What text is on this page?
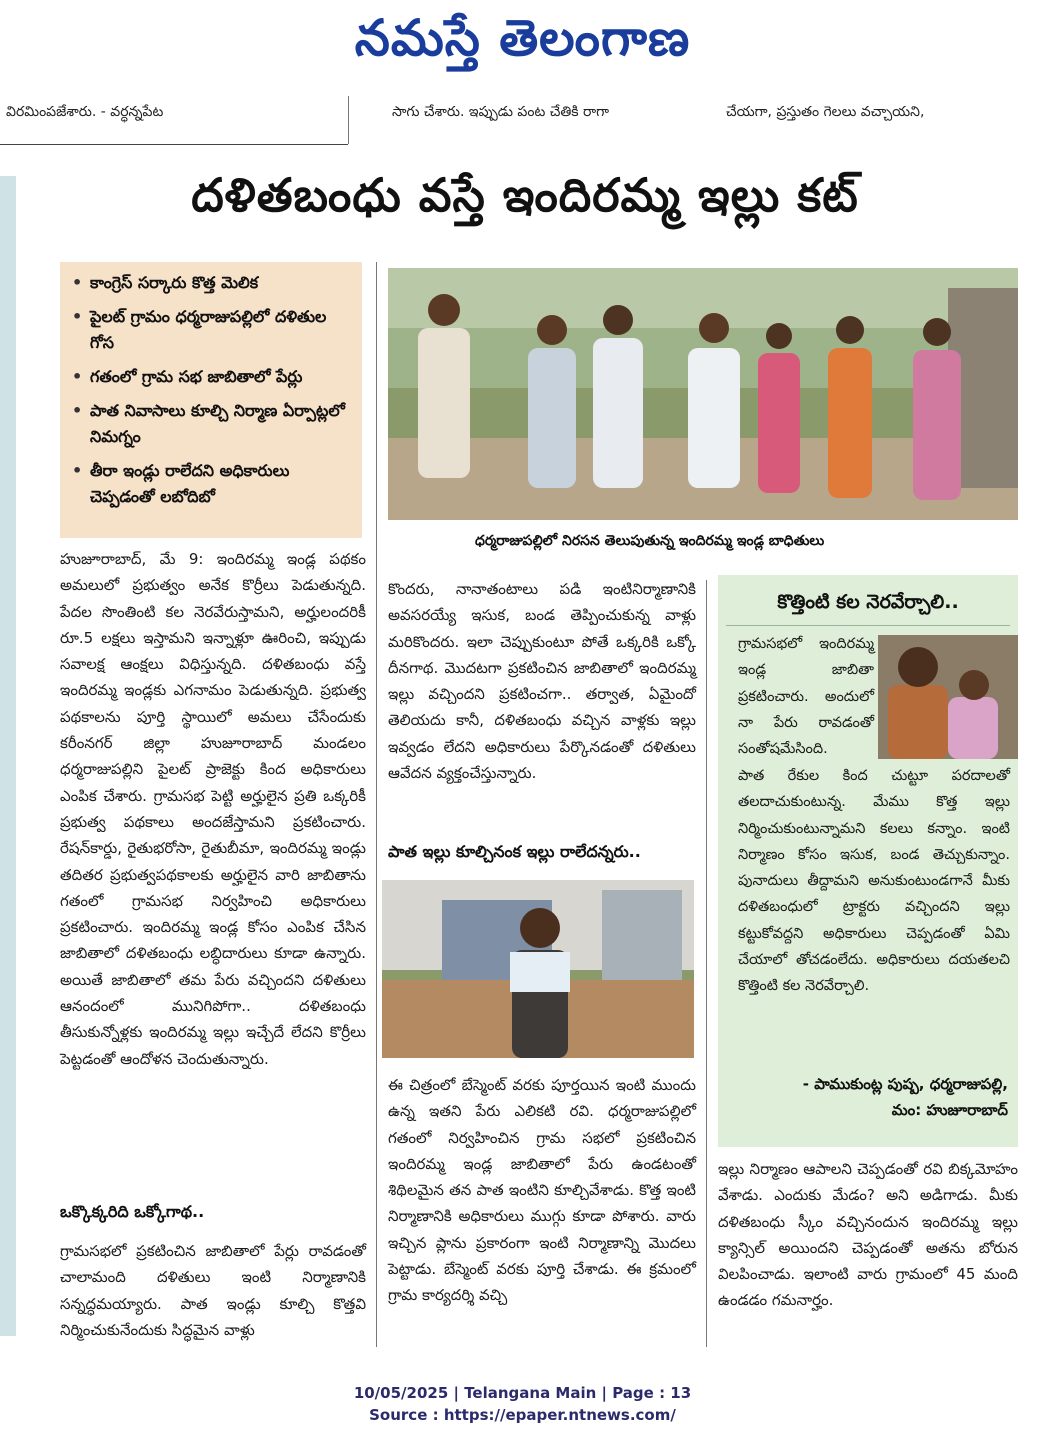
నమస్తే తెలంగాణ
విరమింపజేశారు. - వర్ధన్నపేట	సాగు చేశారు. ఇప్పుడు పంట చేతికి రాగా	చేయగా, ప్రస్తుతం గెలలు వచ్చాయని,
దళితబంధు వస్తే ఇందిరమ్మ ఇల్లు కట్
• కాంగ్రెస్ సర్కారు కొత్త మెలిక
• పైలట్ గ్రామం ధర్మరాజుపల్లిలో దళితుల గోస
• గతంలో గ్రామ సభ జాబితాలో పేర్లు
• పాత నివాసాలు కూల్చి నిర్మాణ ఏర్పాట్లలో నిమగ్నం
• తీరా ఇండ్లు రాలేదని అధికారులు చెప్పడంతో లబోదిబో
ధర్మరాజుపల్లిలో నిరసన తెలుపుతున్న ఇందిరమ్మ ఇండ్ల బాధితులు

హుజూరాబాద్, మే 9: ఇందిరమ్మ ఇండ్ల పథకం అమలులో ప్రభుత్వం అనేక కొర్రీలు పెడుతున్నది. పేదల సొంతింటి కల నెరవేరుస్తామని, అర్హులందరికీ రూ.5 లక్షలు ఇస్తామని ఇన్నాళ్లూ ఊరించి, ఇప్పుడు సవాలక్ష ఆంక్షలు విధిస్తున్నది. దళితబంధు వస్తే ఇందిరమ్మ ఇండ్లకు ఎగనామం పెడుతున్నది. ప్రభుత్వ పథకాలను పూర్తి స్థాయిలో అమలు చేసేందుకు కరీంనగర్ జిల్లా హుజూరాబాద్ మండలం ధర్మరాజుపల్లిని పైలట్ ప్రాజెక్టు కింద అధికారులు ఎంపిక చేశారు. గ్రామసభ పెట్టి అర్హులైన ప్రతి ఒక్కరికీ ప్రభుత్వ పథకాలు అందజేస్తామని ప్రకటించారు. రేషన్‌కార్డు, రైతుభరోసా, రైతుబీమా, ఇందిరమ్మ ఇండ్లు తదితర ప్రభుత్వపథకాలకు అర్హులైన వారి జాబితాను గతంలో గ్రామసభ నిర్వహించి అధికారులు ప్రకటించారు. ఇందిరమ్మ ఇండ్ల కోసం ఎంపిక చేసిన జాబితాలో దళితబంధు లబ్ధిదారులు కూడా ఉన్నారు. అయితే జాబితాలో తమ పేరు వచ్చిందని దళితులు ఆనందంలో మునిగిపోగా.. దళితబంధు తీసుకున్నోళ్లకు ఇందిరమ్మ ఇల్లు ఇచ్చేదే లేదని కొర్రీలు పెట్టడంతో ఆందోళన చెందుతున్నారు.

ఒక్కొక్కరిది ఒక్కోగాథ..

గ్రామసభలో ప్రకటించిన జాబితాలో పేర్లు రావడంతో చాలామంది దళితులు ఇంటి నిర్మాణానికి సన్నద్ధమయ్యారు. పాత ఇండ్లు కూల్చి కొత్తవి నిర్మించుకునేందుకు సిద్ధమైన వాళ్లు

కొందరు, నానాతంటాలు పడి ఇంటినిర్మాణానికి అవసరయ్యే ఇసుక, బండ తెప్పించుకున్న వాళ్లు మరికొందరు. ఇలా చెప్పుకుంటూ పోతే ఒక్కరికి ఒక్కో దీనగాథ. మొదటగా ప్రకటించిన జాబితాలో ఇందిరమ్మ ఇల్లు వచ్చిందని ప్రకటించగా.. తర్వాత, ఏమైందో తెలియదు కానీ, దళితబంధు వచ్చిన వాళ్లకు ఇల్లు ఇవ్వడం లేదని అధికారులు పేర్కొనడంతో దళితులు ఆవేదన వ్యక్తంచేస్తున్నారు.

పాత ఇల్లు కూల్చినంక ఇల్లు రాలేదన్నరు..

ఈ చిత్రంలో బేస్మెంట్ వరకు పూర్తయిన ఇంటి ముందు ఉన్న ఇతని పేరు ఎలికటి రవి. ధర్మరాజుపల్లిలో గతంలో నిర్వహించిన గ్రామ సభలో ప్రకటించిన ఇందిరమ్మ ఇండ్ల జాబితాలో పేరు ఉండటంతో శిథిలమైన తన పాత ఇంటిని కూల్చివేశాడు. కొత్త ఇంటి నిర్మాణానికి అధికారులు ముగ్గు కూడా పోశారు. వారు ఇచ్చిన ప్లాను ప్రకారంగా ఇంటి నిర్మాణాన్ని మొదలు పెట్టాడు. బేస్మెంట్ వరకు పూర్తి చేశాడు. ఈ క్రమంలో గ్రామ కార్యదర్శి వచ్చి

కొత్తింటి కల నెరవేర్చాలి..

గ్రామసభలో ఇందిరమ్మ ఇండ్ల జాబితా ప్రకటించారు. అందులో నా పేరు రావడంతో సంతోషమేసింది.

పాత రేకుల కింద చుట్టూ పరదాలతో తలదాచుకుంటున్న. మేము కొత్త ఇల్లు నిర్మించుకుంటున్నామని కలలు కన్నాం. ఇంటి నిర్మాణం కోసం ఇసుక, బండ తెచ్చుకున్నాం. పునాదులు తీద్దామని అనుకుంటుండగానే మీకు దళితబంధులో ట్రాక్టరు వచ్చిందని ఇల్లు కట్టుకోవద్దని అధికారులు చెప్పడంతో ఏమి చేయాలో తోచడంలేదు. అధికారులు దయతలచి కొత్తింటి కల నెరవేర్చాలి.

- పాముకుంట్ల పుష్ప, ధర్మరాజుపల్లి,
మం: హుజూరాబాద్

ఇల్లు నిర్మాణం ఆపాలని చెప్పడంతో రవి బిక్కమోహం వేశాడు. ఎందుకు మేడం? అని అడిగాడు. మీకు దళితబంధు స్కీం వచ్చినందున ఇందిరమ్మ ఇల్లు క్యాన్సిల్ అయిందని చెప్పడంతో అతను బోరున విలపించాడు. ఇలాంటి వారు గ్రామంలో 45 మంది ఉండడం గమనార్హం.

10/05/2025 | Telangana Main | Page : 13
Source : https://epaper.ntnews.com/
